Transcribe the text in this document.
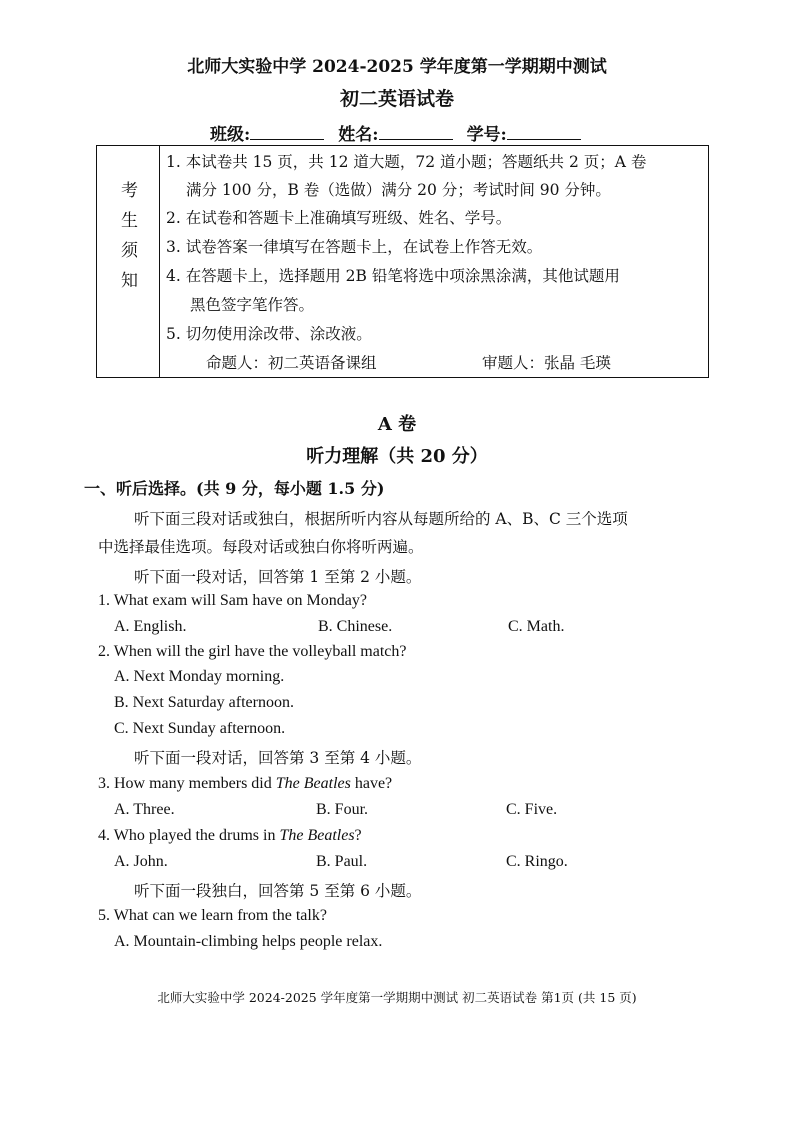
北师大实验中学 2024-2025 学年度第一学期期中测试
初二英语试卷
班级:	姓名:	学号:
考
生
须
知
1. 本试卷共 15 页，共 12 道大题，72 道小题；答题纸共 2 页；A 卷
满分 100 分，B 卷（选做）满分 20 分；考试时间 90 分钟。
2. 在试卷和答题卡上准确填写班级、姓名、学号。
3. 试卷答案一律填写在答题卡上，在试卷上作答无效。
4. 在答题卡上，选择题用 2B 铅笔将选中项涂黑涂满，其他试题用
黑色签字笔作答。
5. 切勿使用涂改带、涂改液。
命题人：初二英语备课组	审题人：张晶 毛瑛
A 卷
听力理解（共 20 分）
一、听后选择。(共 9 分，每小题 1.5 分)
听下面三段对话或独白，根据所听内容从每题所给的 A、B、C 三个选项
中选择最佳选项。每段对话或独白你将听两遍。
听下面一段对话，回答第 1 至第 2 小题。
1. What exam will Sam have on Monday?
A. English.	B. Chinese.	C. Math.
2. When will the girl have the volleyball match?
A. Next Monday morning.
B. Next Saturday afternoon.
C. Next Sunday afternoon.
听下面一段对话，回答第 3 至第 4 小题。
3. How many members did The Beatles have?
A. Three.	B. Four.	C. Five.
4. Who played the drums in The Beatles?
A. John.	B. Paul.	C. Ringo.
听下面一段独白，回答第 5 至第 6 小题。
5. What can we learn from the talk?
A. Mountain-climbing helps people relax.
北师大实验中学 2024-2025 学年度第一学期期中测试 初二英语试卷 第1页 (共 15 页)
